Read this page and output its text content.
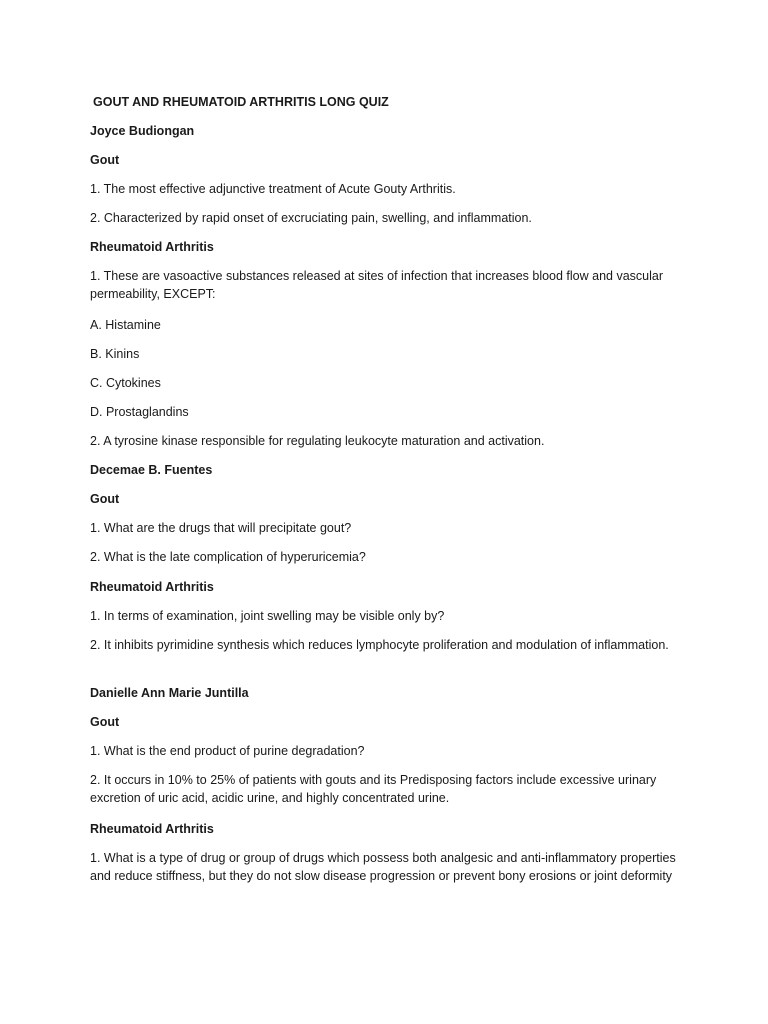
GOUT AND RHEUMATOID ARTHRITIS LONG QUIZ
Joyce Budiongan
Gout
1. The most effective adjunctive treatment of Acute Gouty Arthritis.
2. Characterized by rapid onset of excruciating pain, swelling, and inflammation.
Rheumatoid Arthritis
1. These are vasoactive substances released at sites of infection that increases blood flow and vascular permeability, EXCEPT:
A. Histamine
B. Kinins
C. Cytokines
D. Prostaglandins
2. A tyrosine kinase responsible for regulating leukocyte maturation and activation.
Decemae B. Fuentes
Gout
1. What are the drugs that will precipitate gout?
2. What is the late complication of hyperuricemia?
Rheumatoid Arthritis
1. In terms of examination, joint swelling may be visible only by?
2. It inhibits pyrimidine synthesis which reduces lymphocyte proliferation and modulation of inflammation.
Danielle Ann Marie Juntilla
Gout
1. What is the end product of purine degradation?
2. It occurs in 10% to 25% of patients with gouts and its Predisposing factors include excessive urinary excretion of uric acid, acidic urine, and highly concentrated urine.
Rheumatoid Arthritis
1. What is a type of drug or group of drugs which possess both analgesic and anti-inflammatory properties and reduce stiffness, but they do not slow disease progression or prevent bony erosions or joint deformity
